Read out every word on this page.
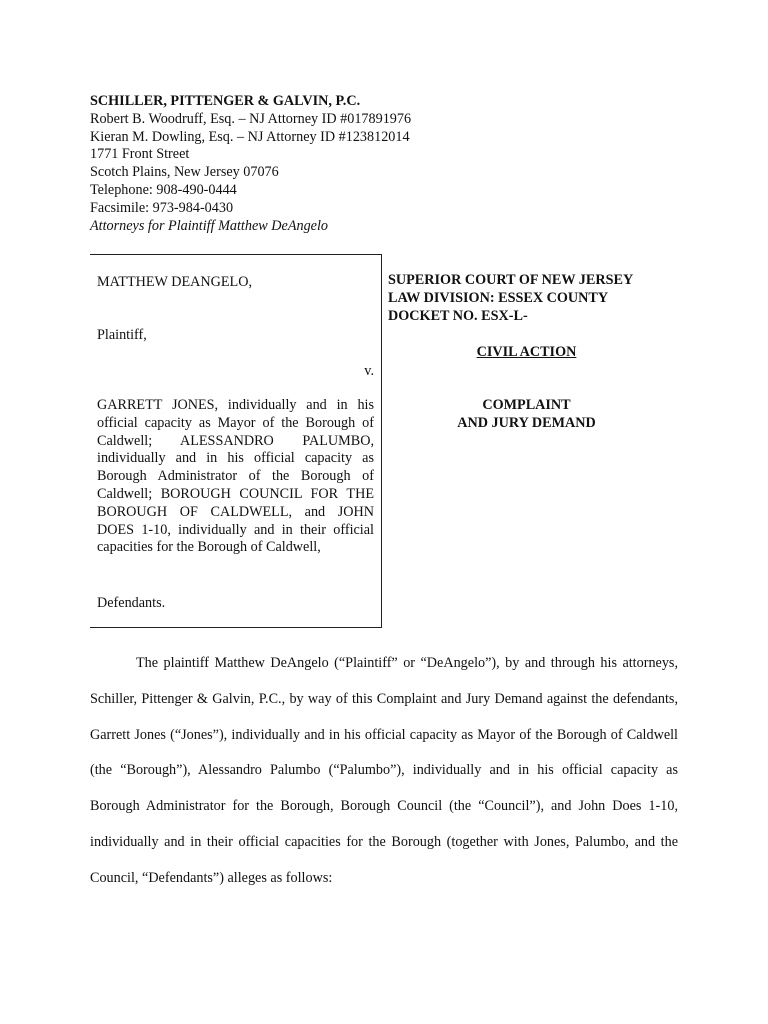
SCHILLER, PITTENGER & GALVIN, P.C.
Robert B. Woodruff, Esq. – NJ Attorney ID #017891976
Kieran M. Dowling, Esq. – NJ Attorney ID #123812014
1771 Front Street
Scotch Plains, New Jersey 07076
Telephone: 908-490-0444
Facsimile: 973-984-0430
Attorneys for Plaintiff Matthew DeAngelo
MATTHEW DEANGELO,
Plaintiff,
v.
GARRETT JONES, individually and in his official capacity as Mayor of the Borough of Caldwell; ALESSANDRO PALUMBO, individually and in his official capacity as Borough Administrator of the Borough of Caldwell; BOROUGH COUNCIL FOR THE BOROUGH OF CALDWELL, and JOHN DOES 1-10, individually and in their official capacities for the Borough of Caldwell,
Defendants.
SUPERIOR COURT OF NEW JERSEY
LAW DIVISION: ESSEX COUNTY
DOCKET NO. ESX-L-
CIVIL ACTION
COMPLAINT
AND JURY DEMAND
The plaintiff Matthew DeAngelo (“Plaintiff” or “DeAngelo”), by and through his attorneys, Schiller, Pittenger & Galvin, P.C., by way of this Complaint and Jury Demand against the defendants, Garrett Jones (“Jones”), individually and in his official capacity as Mayor of the Borough of Caldwell (the “Borough”), Alessandro Palumbo (“Palumbo”), individually and in his official capacity as Borough Administrator for the Borough, Borough Council (the “Council”), and John Does 1-10, individually and in their official capacities for the Borough (together with Jones, Palumbo, and the Council, “Defendants”) alleges as follows:
